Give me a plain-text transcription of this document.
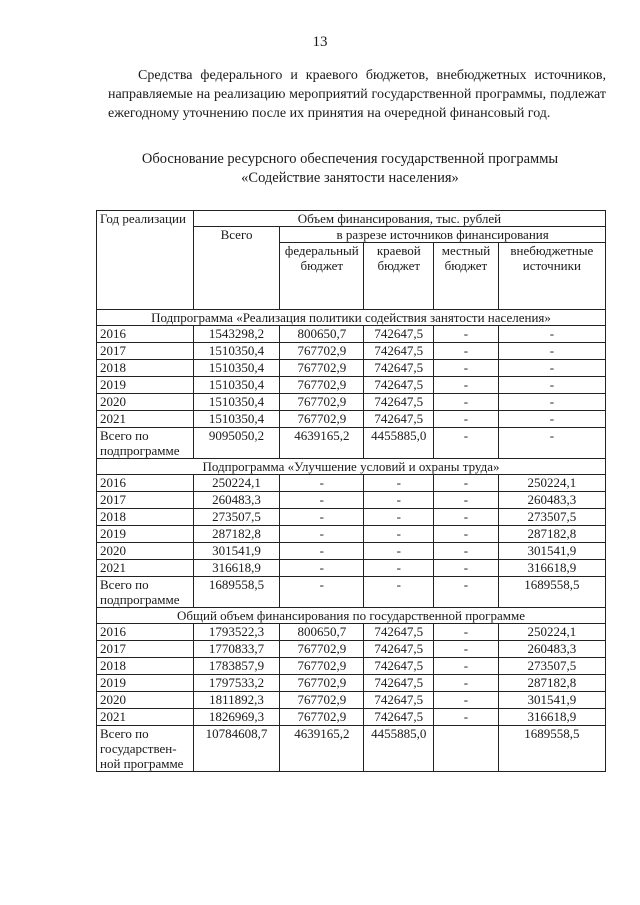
13
Средства федерального и краевого бюджетов, внебюджетных источников, направляемые на реализацию мероприятий государственной программы, подлежат ежегодному уточнению после их принятия на очередной финансовый год.
Обоснование ресурсного обеспечения государственной программы
«Содействие занятости населения»
Год реализации	Объем финансирования, тыс. рублей				
	Всего	в разрезе источников финансирования			
		федеральный бюджет	краевой бюджет	местный бюджет	внебюджетные источники
Подпрограмма «Реализация политики содействия занятости населения»					
2016	1543298,2	800650,7	742647,5	-	-
2017	1510350,4	767702,9	742647,5	-	-
2018	1510350,4	767702,9	742647,5	-	-
2019	1510350,4	767702,9	742647,5	-	-
2020	1510350,4	767702,9	742647,5	-	-
2021	1510350,4	767702,9	742647,5	-	-
Всего по подпрограмме	9095050,2	4639165,2	4455885,0	-	-
Подпрограмма «Улучшение условий и охраны труда»					
2016	250224,1	-	-	-	250224,1
2017	260483,3	-	-	-	260483,3
2018	273507,5	-	-	-	273507,5
2019	287182,8	-	-	-	287182,8
2020	301541,9	-	-	-	301541,9
2021	316618,9	-	-	-	316618,9
Всего по подпрограмме	1689558,5	-	-	-	1689558,5
Общий объем финансирования по государственной программе					
2016	1793522,3	800650,7	742647,5	-	250224,1
2017	1770833,7	767702,9	742647,5	-	260483,3
2018	1783857,9	767702,9	742647,5	-	273507,5
2019	1797533,2	767702,9	742647,5	-	287182,8
2020	1811892,3	767702,9	742647,5	-	301541,9
2021	1826969,3	767702,9	742647,5	-	316618,9
Всего по государствен-ной программе	10784608,7	4639165,2	4455885,0		1689558,5
